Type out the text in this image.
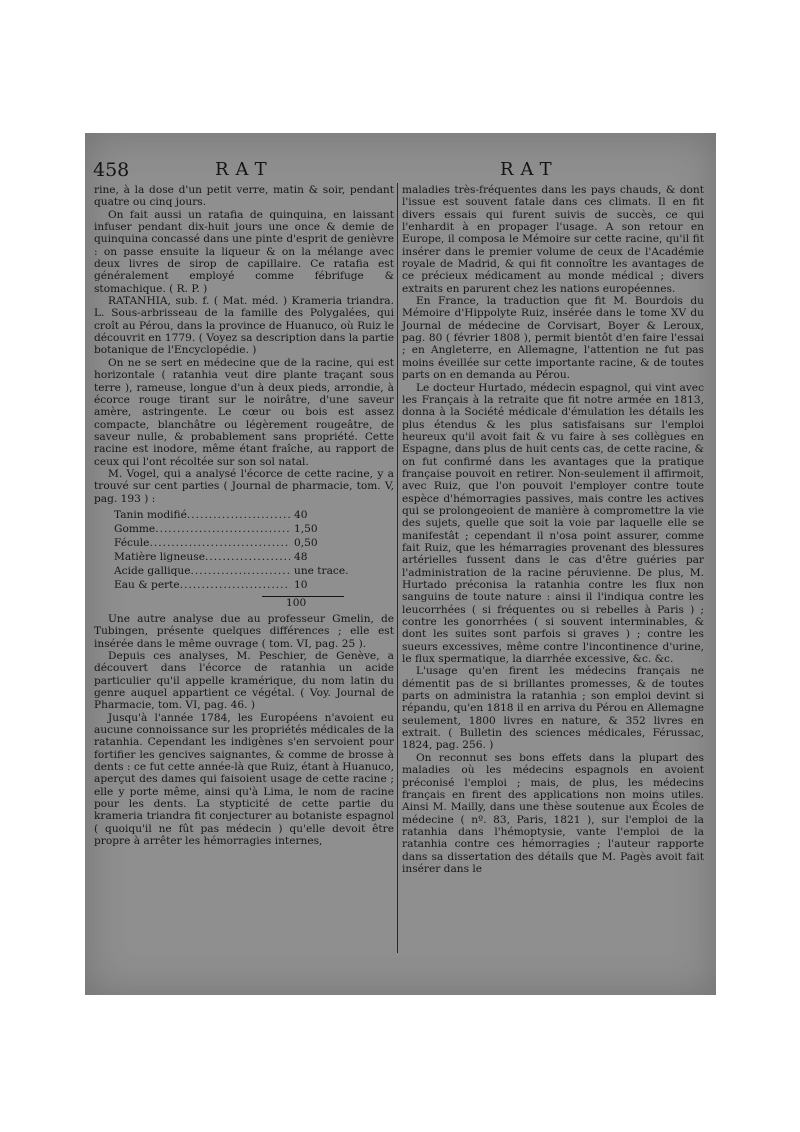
458	RAT	RAT

rine, à la dose d'un petit verre, matin & soir, pendant quatre ou cinq jours.

On fait aussi un ratafia de quinquina, en laissant infuser pendant dix-huit jours une once & demie de quinquina concassé dans une pinte d'esprit de genièvre : on passe ensuite la liqueur & on la mélange avec deux livres de sirop de capillaire. Ce ratafia est généralement employé comme fébrifuge & stomachique. ( R. P. )

RATANHIA, sub. f. ( Mat. méd. ) Krameria triandra. L. Sous-arbrisseau de la famille des Polygalées, qui croît au Pérou, dans la province de Huanuco, où Ruiz le découvrit en 1779. ( Voyez sa description dans la partie botanique de l'Encyclopédie. )

On ne se sert en médecine que de la racine, qui est horizontale ( ratanhia veut dire plante traçant sous terre ), rameuse, longue d'un à deux pieds, arrondie, à écorce rouge tirant sur le noirâtre, d'une saveur amère, astringente. Le cœur ou bois est assez compacte, blanchâtre ou légèrement rougeâtre, de saveur nulle, & probablement sans propriété. Cette racine est inodore, même étant fraîche, au rapport de ceux qui l'ont récoltée sur son sol natal.

M. Vogel, qui a analysé l'écorce de cette racine, y a trouvé sur cent parties ( Journal de pharmacie, tom. V, pag. 193 ) :

Tanin modifié .....	40
Gomme .....	1,50
Fécule .....	0,50
Matière ligneuse .....	48
Acide gallique .....	une trace.
Eau & perte .....	10
100

Une autre analyse due au professeur Gmelin, de Tubingen, présente quelques différences ; elle est insérée dans le même ouvrage ( tom. VI, pag. 25 ).

Depuis ces analyses, M. Peschier, de Genève, a découvert dans l'écorce de ratanhia un acide particulier qu'il appelle kramérique, du nom latin du genre auquel appartient ce végétal. ( Voy. Journal de Pharmacie, tom. VI, pag. 46. )

Jusqu'à l'année 1784, les Européens n'avoient eu aucune connoissance sur les propriétés médicales de la ratanhia. Cependant les indigènes s'en servoient pour fortifier les gencives saignantes, & comme de brosse à dents : ce fut cette année-là que Ruiz, étant à Huanuco, aperçut des dames qui faisoient usage de cette racine ; elle y porte même, ainsi qu'à Lima, le nom de racine pour les dents. La stypticité de cette partie du krameria triandra fit conjecturer au botaniste espagnol ( quoiqu'il ne fût pas médecin ) qu'elle devoit être propre à arrêter les hémorragies internes,

maladies très-fréquentes dans les pays chauds, & dont l'issue est souvent fatale dans ces climats. Il en fit divers essais qui furent suivis de succès, ce qui l'enhardit à en propager l'usage. A son retour en Europe, il composa le Mémoire sur cette racine, qu'il fit insérer dans le premier volume de ceux de l'Académie royale de Madrid, & qui fit connoître les avantages de ce précieux médicament au monde médical ; divers extraits en parurent chez les nations européennes.

En France, la traduction que fit M. Bourdois du Mémoire d'Hippolyte Ruiz, insérée dans le tome XV du Journal de médecine de Corvisart, Boyer & Leroux, pag. 80 ( février 1808 ), permit bientôt d'en faire l'essai ; en Angleterre, en Allemagne, l'attention ne fut pas moins éveillée sur cette importante racine, & de toutes parts on en demanda au Pérou.

Le docteur Hurtado, médecin espagnol, qui vint avec les Français à la retraite que fit notre armée en 1813, donna à la Société médicale d'émulation les détails les plus étendus & les plus satisfaisans sur l'emploi heureux qu'il avoit fait & vu faire à ses collègues en Espagne, dans plus de huit cents cas, de cette racine, & on fut confirmé dans les avantages que la pratique française pouvoit en retirer. Non-seulement il affirmoit, avec Ruiz, que l'on pouvoit l'employer contre toute espèce d'hémorragies passives, mais contre les actives qui se prolongeoient de manière à compromettre la vie des sujets, quelle que soit la voie par laquelle elle se manifestât ; cependant il n'osa point assurer, comme fait Ruiz, que les hémarragies provenant des blessures artérielles fussent dans le cas d'être guéries par l'administration de la racine péruvienne. De plus, M. Hurtado préconisa la ratanhia contre les flux non sanguins de toute nature : ainsi il l'indiqua contre les leucorrhées ( si fréquentes ou si rebelles à Paris ) ; contre les gonorrhées ( si souvent interminables, & dont les suites sont parfois si graves ) ; contre les sueurs excessives, même contre l'incontinence d'urine, le flux spermatique, la diarrhée excessive, &c. &c.

L'usage qu'en firent les médecins français ne démentit pas de si brillantes promesses, & de toutes parts on administra la ratanhia ; son emploi devint si répandu, qu'en 1818 il en arriva du Pérou en Allemagne seulement, 1800 livres en nature, & 352 livres en extrait. ( Bulletin des sciences médicales, Férussac, 1824, pag. 256. )

On reconnut ses bons effets dans la plupart des maladies où les médecins espagnols en avoient préconisé l'emploi ; mais, de plus, les médecins français en firent des applications non moins utiles. Ainsi M. Mailly, dans une thèse soutenue aux Écoles de médecine ( nº. 83, Paris, 1821 ), sur l'emploi de la ratanhia dans l'hémoptysie, vante l'emploi de la ratanhia contre ces hémorragies ; l'auteur rapporte dans sa dissertation des détails que M. Pagès avoit fait insérer dans le
